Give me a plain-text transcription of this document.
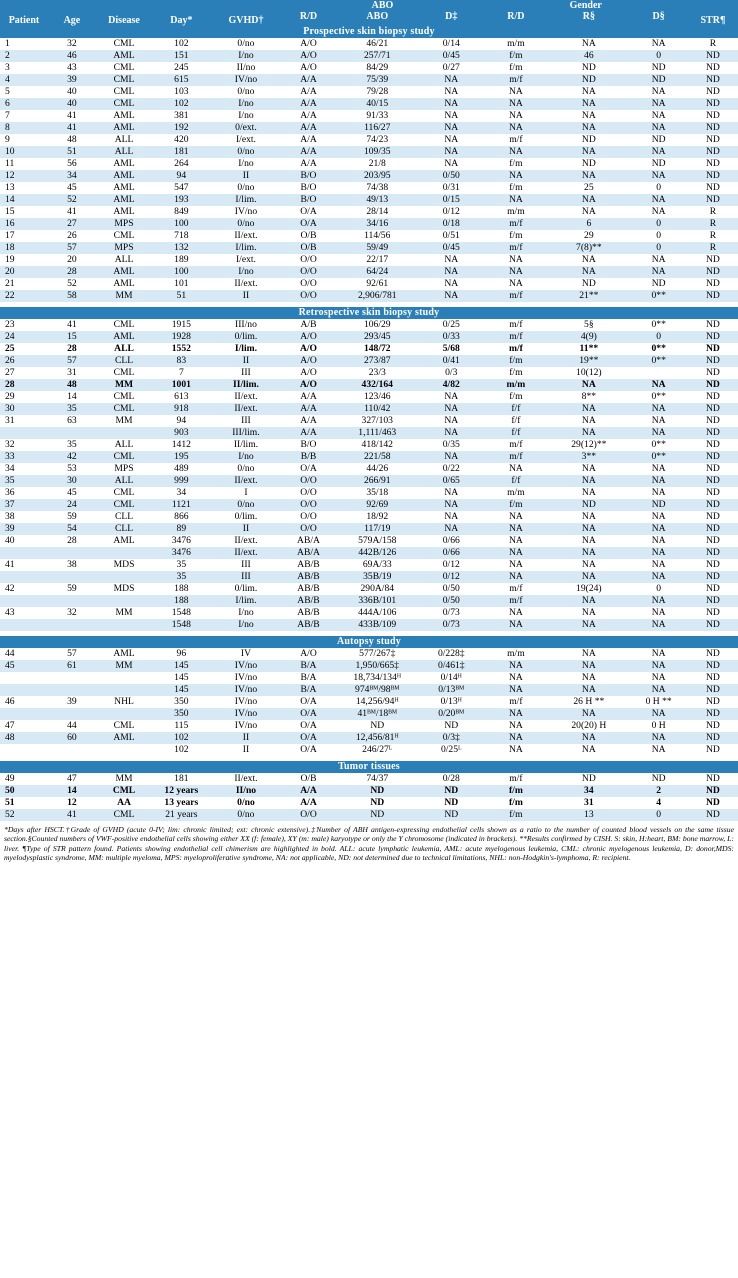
Patient	Age	Disease	Day*	GVHD†	ABO			Gender			STR¶
					R/D	ABO	D‡	R/D	R§	D§	
Prospective skin biopsy study											
1	32	CML	102	0/no	A/O	46/21	0/14	m/m	NA	NA	R
2	46	AML	151	I/no	A/O	257/71	0/45	f/m	46	0	ND
3	43	CML	245	II/no	A/O	84/29	0/27	f/m	ND	ND	ND
4	39	CML	615	IV/no	A/A	75/39	NA	m/f	ND	ND	ND
5	40	CML	103	0/no	A/A	79/28	NA	NA	NA	NA	ND
6	40	CML	102	I/no	A/A	40/15	NA	NA	NA	NA	ND
7	41	AML	381	I/no	A/A	91/33	NA	NA	NA	NA	ND
8	41	AML	192	0/ext.	A/A	116/27	NA	NA	NA	NA	ND
9	48	ALL	420	I/ext.	A/A	74/23	NA	m/f	ND	ND	ND
10	51	ALL	181	0/no	A/A	109/35	NA	NA	NA	NA	ND
11	56	AML	264	I/no	A/A	21/8	NA	f/m	ND	ND	ND
12	34	AML	94	II	B/O	203/95	0/50	NA	NA	NA	ND
13	45	AML	547	0/no	B/O	74/38	0/31	f/m	25	0	ND
14	52	AML	193	I/lim.	B/O	49/13	0/15	NA	NA	NA	ND
15	41	AML	849	IV/no	O/A	28/14	0/12	m/m	NA	NA	R
16	27	MPS	100	0/no	O/A	34/16	0/18	m/f	6	0	R
17	26	CML	718	II/ext.	O/B	114/56	0/51	f/m	29	0	R
18	57	MPS	132	I/lim.	O/B	59/49	0/45	m/f	7(8)**	0	R
19	20	ALL	189	I/ext.	O/O	22/17	NA	NA	NA	NA	ND
20	28	AML	100	I/no	O/O	64/24	NA	NA	NA	NA	ND
21	52	AML	101	II/ext.	O/O	92/61	NA	NA	ND	ND	ND
22	58	MM	51	II	O/O	2,906/781	NA	m/f	21**	0**	ND

Retrospective skin biopsy study											
23	41	CML	1915	III/no	A/B	106/29	0/25	m/f	5§	0**	ND
24	15	AML	1928	0/lim.	A/O	293/45	0/33	m/f	4(9)	0	ND
25	28	ALL	1552	I/lim.	A/O	148/72	5/68	m/f	11**	0**	ND
26	57	CLL	83	II	A/O	273/87	0/41	f/m	19**	0**	ND
27	31	CML	7	III	A/O	23/3	0/3	f/m	10(12)		ND
28	48	MM	1001	II/lim.	A/O	432/164	4/82	m/m	NA	NA	ND
29	14	CML	613	II/ext.	A/A	123/46	NA	f/m	8**	0**	ND
30	35	CML	918	II/ext.	A/A	110/42	NA	f/f	NA	NA	ND
31	63	MM	94	III	A/A	327/103	NA	f/f	NA	NA	ND
			903	III/lim.	A/A	1,111/463	NA	f/f	NA	NA	ND
32	35	ALL	1412	II/lim.	B/O	418/142	0/35	m/f	29(12)**	0**	ND
33	42	CML	195	I/no	B/B	221/58	NA	m/f	3**	0**	ND
34	53	MPS	489	0/no	O/A	44/26	0/22	NA	NA	NA	ND
35	30	ALL	999	II/ext.	O/O	266/91	0/65	f/f	NA	NA	ND
36	45	CML	34	I	O/O	35/18	NA	m/m	NA	NA	ND
37	24	CML	1121	0/no	O/O	92/69	NA	f/m	ND	ND	ND
38	59	CLL	866	0/lim.	O/O	18/92	NA	NA	NA	NA	ND
39	54	CLL	89	II	O/O	117/19	NA	NA	NA	NA	ND
40	28	AML	3476	II/ext.	AB/A	579A/158	0/66	NA	NA	NA	ND
			3476	II/ext.	AB/A	442B/126	0/66	NA	NA	NA	ND
41	38	MDS	35	III	AB/B	69A/33	0/12	NA	NA	NA	ND
			35	III	AB/B	35B/19	0/12	NA	NA	NA	ND
42	59	MDS	188	0/lim.	AB/B	290A/84	0/50	m/f	19(24)	0	ND
			188	I/lim.	AB/B	336B/101	0/50	m/f	NA	NA	ND
43	32	MM	1548	I/no	AB/B	444A/106	0/73	NA	NA	NA	ND
			1548	I/no	AB/B	433B/109	0/73	NA	NA	NA	ND

Autopsy study											
44	57	AML	96	IV	A/O	577/267‡	0/228‡	m/m	NA	NA	ND
45	61	MM	145	IV/no	B/A	1,950/665‡	0/461‡	NA	NA	NA	ND
			145	IV/no	B/A	18,734/134ᴴ	0/14ᴴ	NA	NA	NA	ND
			145	IV/no	B/A	974ᴮᴹ/98ᴮᴹ	0/13ᴮᴹ	NA	NA	NA	ND
46	39	NHL	350	IV/no	O/A	14,256/94ᴴ	0/13ᴴ	m/f	26 H **	0 H **	ND
			350	IV/no	O/A	41ᴮᴹ/18ᴮᴹ	0/20ᴮᴹ	NA	NA	NA	ND
47	44	CML	115	IV/no	O/A	ND	ND	NA	20(20) H	0 H	ND
48	60	AML	102	II	O/A	12,456/81ᴴ	0/3‡	NA	NA	NA	ND
			102	II	O/A	246/27ᴸ	0/25ᴸ	NA	NA	NA	ND

Tumor tissues											
49	47	MM	181	II/ext.	O/B	74/37	0/28	m/f	ND	ND	ND
50	14	CML	12 years	II/no	A/A	ND	ND	f/m	34	2	ND
51	12	AA	13 years	0/no	A/A	ND	ND	f/m	31	4	ND
52	41	CML	21 years	0/no	O/O	ND	ND	f/m	13	0	ND
*Days after HSCT.†Grade of GVHD (acute 0-IV; lim: chronic limited; ext: chronic extensive).‡Number of ABH antigen-expressing endothelial cells shown as a ratio to the number of counted blood vessels on the same tissue section.§Counted numbers of VWF-positive endothelial cells showing either XX (f: female), XY (m: male) karyotype or only the Y chromosome (indicated in brackets). **Results confirmed by CISH. S: skin, H:heart, BM: bone marrow, L: liver. ¶Type of STR pattern found. Patients showing endothelial cell chimerism are highlighted in bold. ALL: acute lymphatic leukemia, AML: acute myelogenous leukemia, CML: chronic myelogenous leukemia, D: donor,MDS: myelodysplastic syndrome, MM: multiple myeloma, MPS: myeloproliferative syndrome, NA: not applicable, ND: not determined due to technical limitations, NHL: non-Hodgkin's-lymphoma, R: recipient.
